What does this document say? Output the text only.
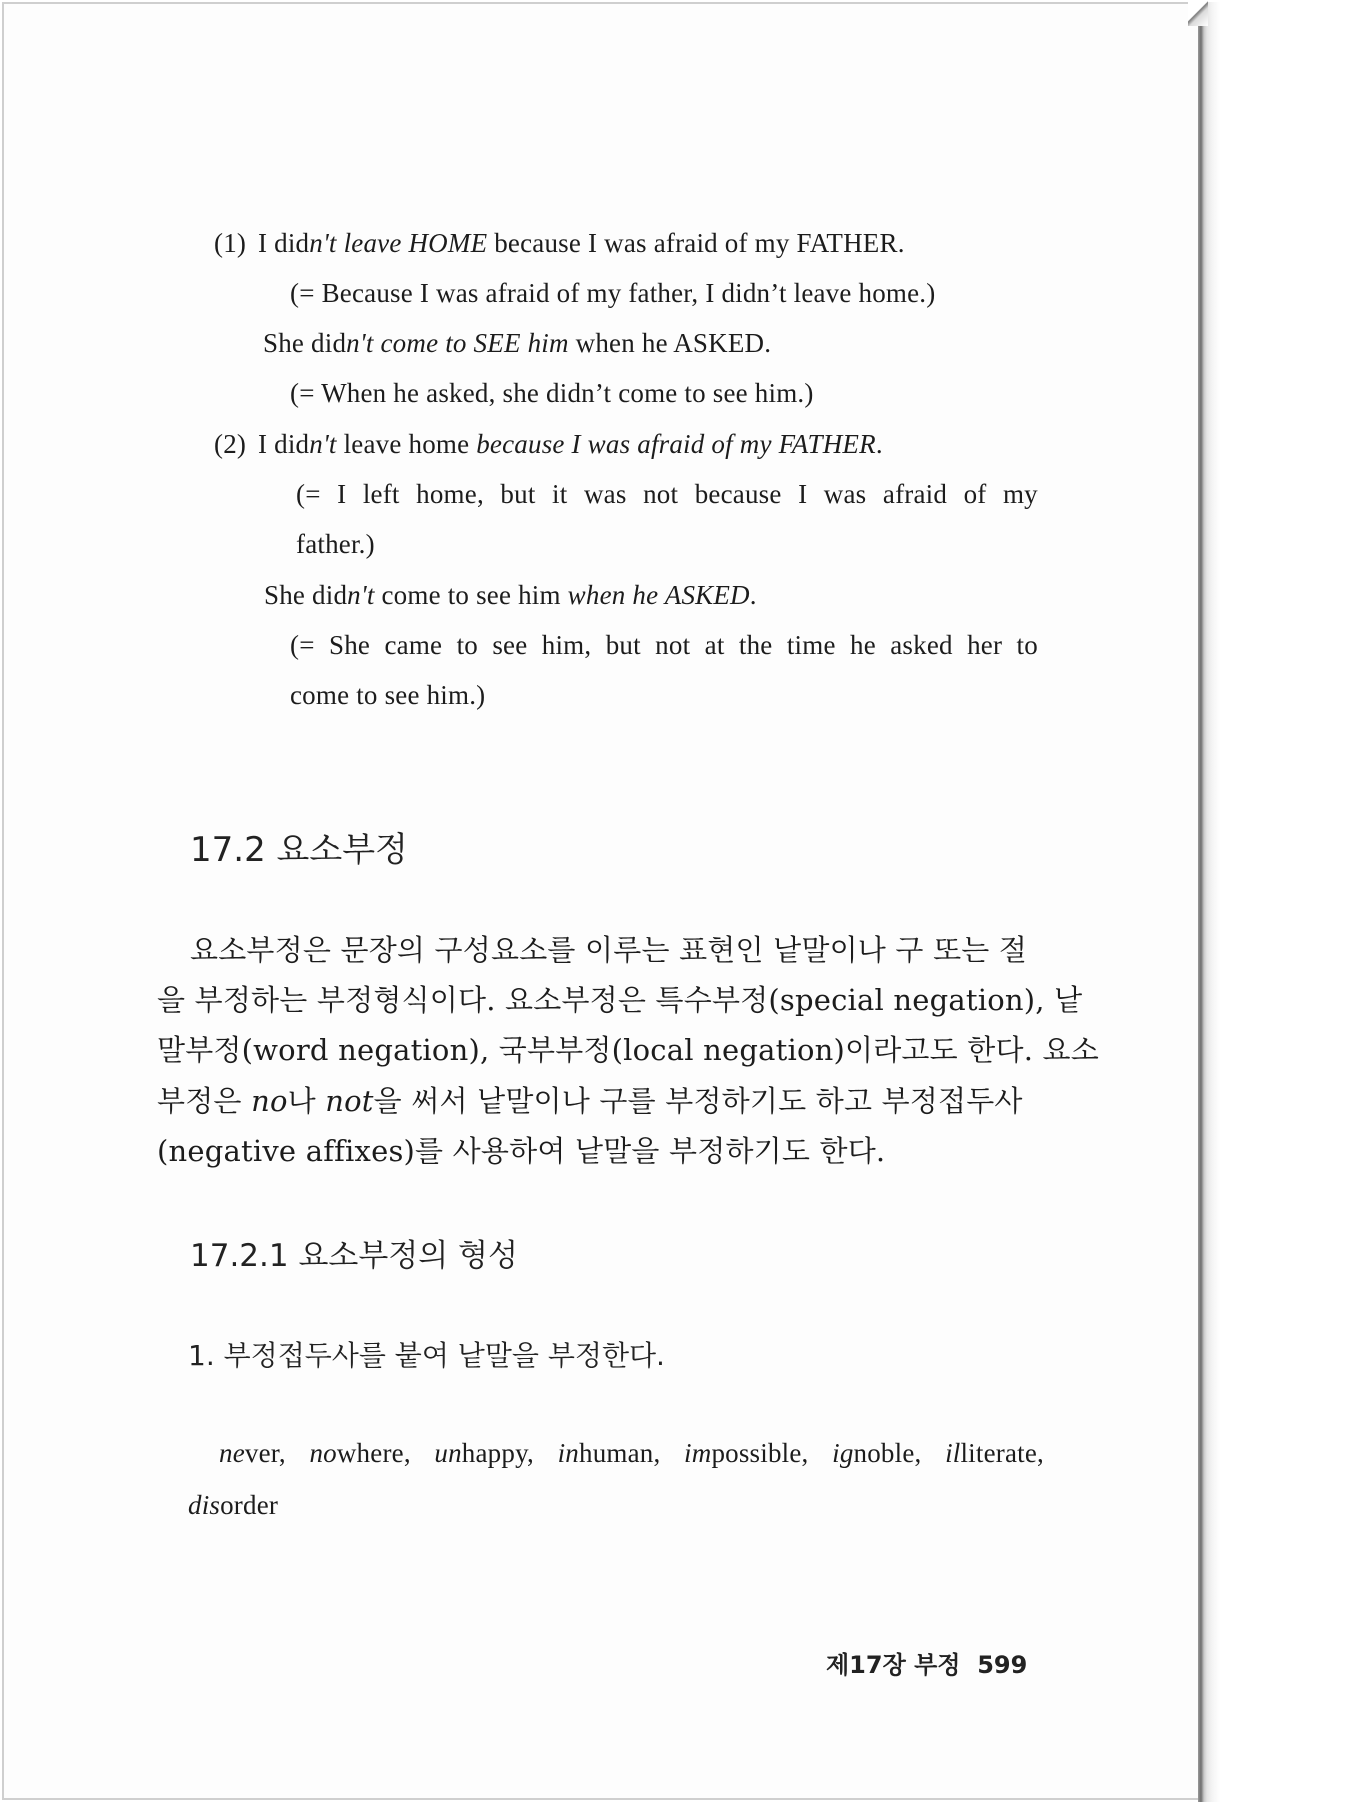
(1) I didn't leave HOME because I was afraid of my FATHER.
(= Because I was afraid of my father, I didn’t leave home.)
She didn't come to SEE him when he ASKED.
(= When he asked, she didn’t come to see him.)
(2) I didn't leave home because I was afraid of my FATHER.
(= I left home, but it was not because I was afraid of my
father.)
She didn't come to see him when he ASKED.
(= She came to see him, but not at the time he asked her to
come to see him.)
17.2 요소부정
요소부정은 문장의 구성요소를 이루는 표현인 낱말이나 구 또는 절
을 부정하는 부정형식이다. 요소부정은 특수부정(special negation), 낱
말부정(word negation), 국부부정(local negation)이라고도 한다. 요소
부정은 no나 not을 써서 낱말이나 구를 부정하기도 하고 부정접두사
(negative affixes)를 사용하여 낱말을 부정하기도 한다.
17.2.1 요소부정의 형성
1. 부정접두사를 붙여 낱말을 부정한다.
never, nowhere, unhappy, inhuman, impossible, ignoble, illiterate,
disorder
제17장 부정 599
